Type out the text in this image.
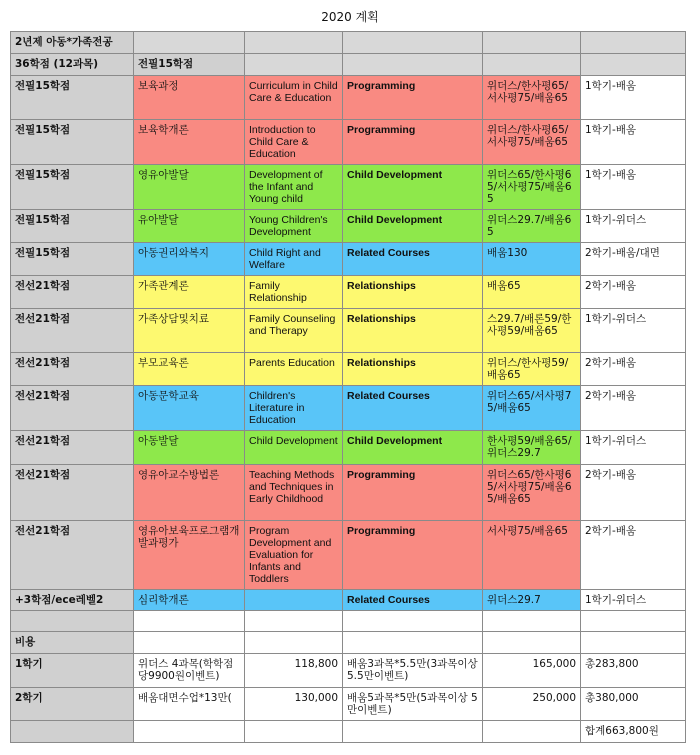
2020 계획
2년제 아동*가족전공					
36학점 (12과목)	전필15학점				
전필15학점	보육과정	Curriculum in Child Care & Education	Programming	위더스/한사평65/서사평75/배움65	1학기-배움
전필15학점	보육학개론	Introduction to Child Care & Education	Programming	위더스/한사평65/서사평75/배움65	1학기-배움
전필15학점	영유아발달	Development of the Infant and Young child	Child Development	위더스65/한사평65/서사평75/배움65	1학기-배움
전필15학점	유아발달	Young Children's Development	Child Development	위더스29.7/배움65	1학기-위더스
전필15학점	아동권리와복지	Child Right and Welfare	Related Courses	배움130	2학기-배움/대면
전선21학점	가족관계론	Family Relationship	Relationships	배움65	2학기-배움
전선21학점	가족상담및치료	Family Counseling and Therapy	Relationships	스29.7/배론59/한사평59/배움65	1학기-위더스
전선21학점	부모교육론	Parents Education	Relationships	위더스/한사평59/배움65	2학기-배움
전선21학점	아동문학교육	Children's Literature in Education	Related Courses	위더스65/서사평75/배움65	2학기-배움
전선21학점	아동발달	Child Development	Child Development	한사평59/배움65/위더스29.7	1학기-위더스
전선21학점	영유아교수방법론	Teaching Methods and Techniques in Early Childhood	Programming	위더스65/한사평65/서사평75/배움65/배움65	2학기-배움
전선21학점	영유아보육프로그램개발과평가	Program Development and Evaluation for Infants and Toddlers	Programming	서사평75/배움65	2학기-배움
+3학점/ece레벨2	심리학개론		Related Courses	위더스29.7	1학기-위더스

비용					
1학기	위더스 4과목(학학점당9900원이벤트)	118,800	배움3과목*5.5만(3과목이상5.5만이벤트)	165,000	총283,800
2학기	배움대면수업*13만(	130,000	배움5과목*5만(5과목이상 5만이벤트)	250,000	총380,000
					합계663,800원
